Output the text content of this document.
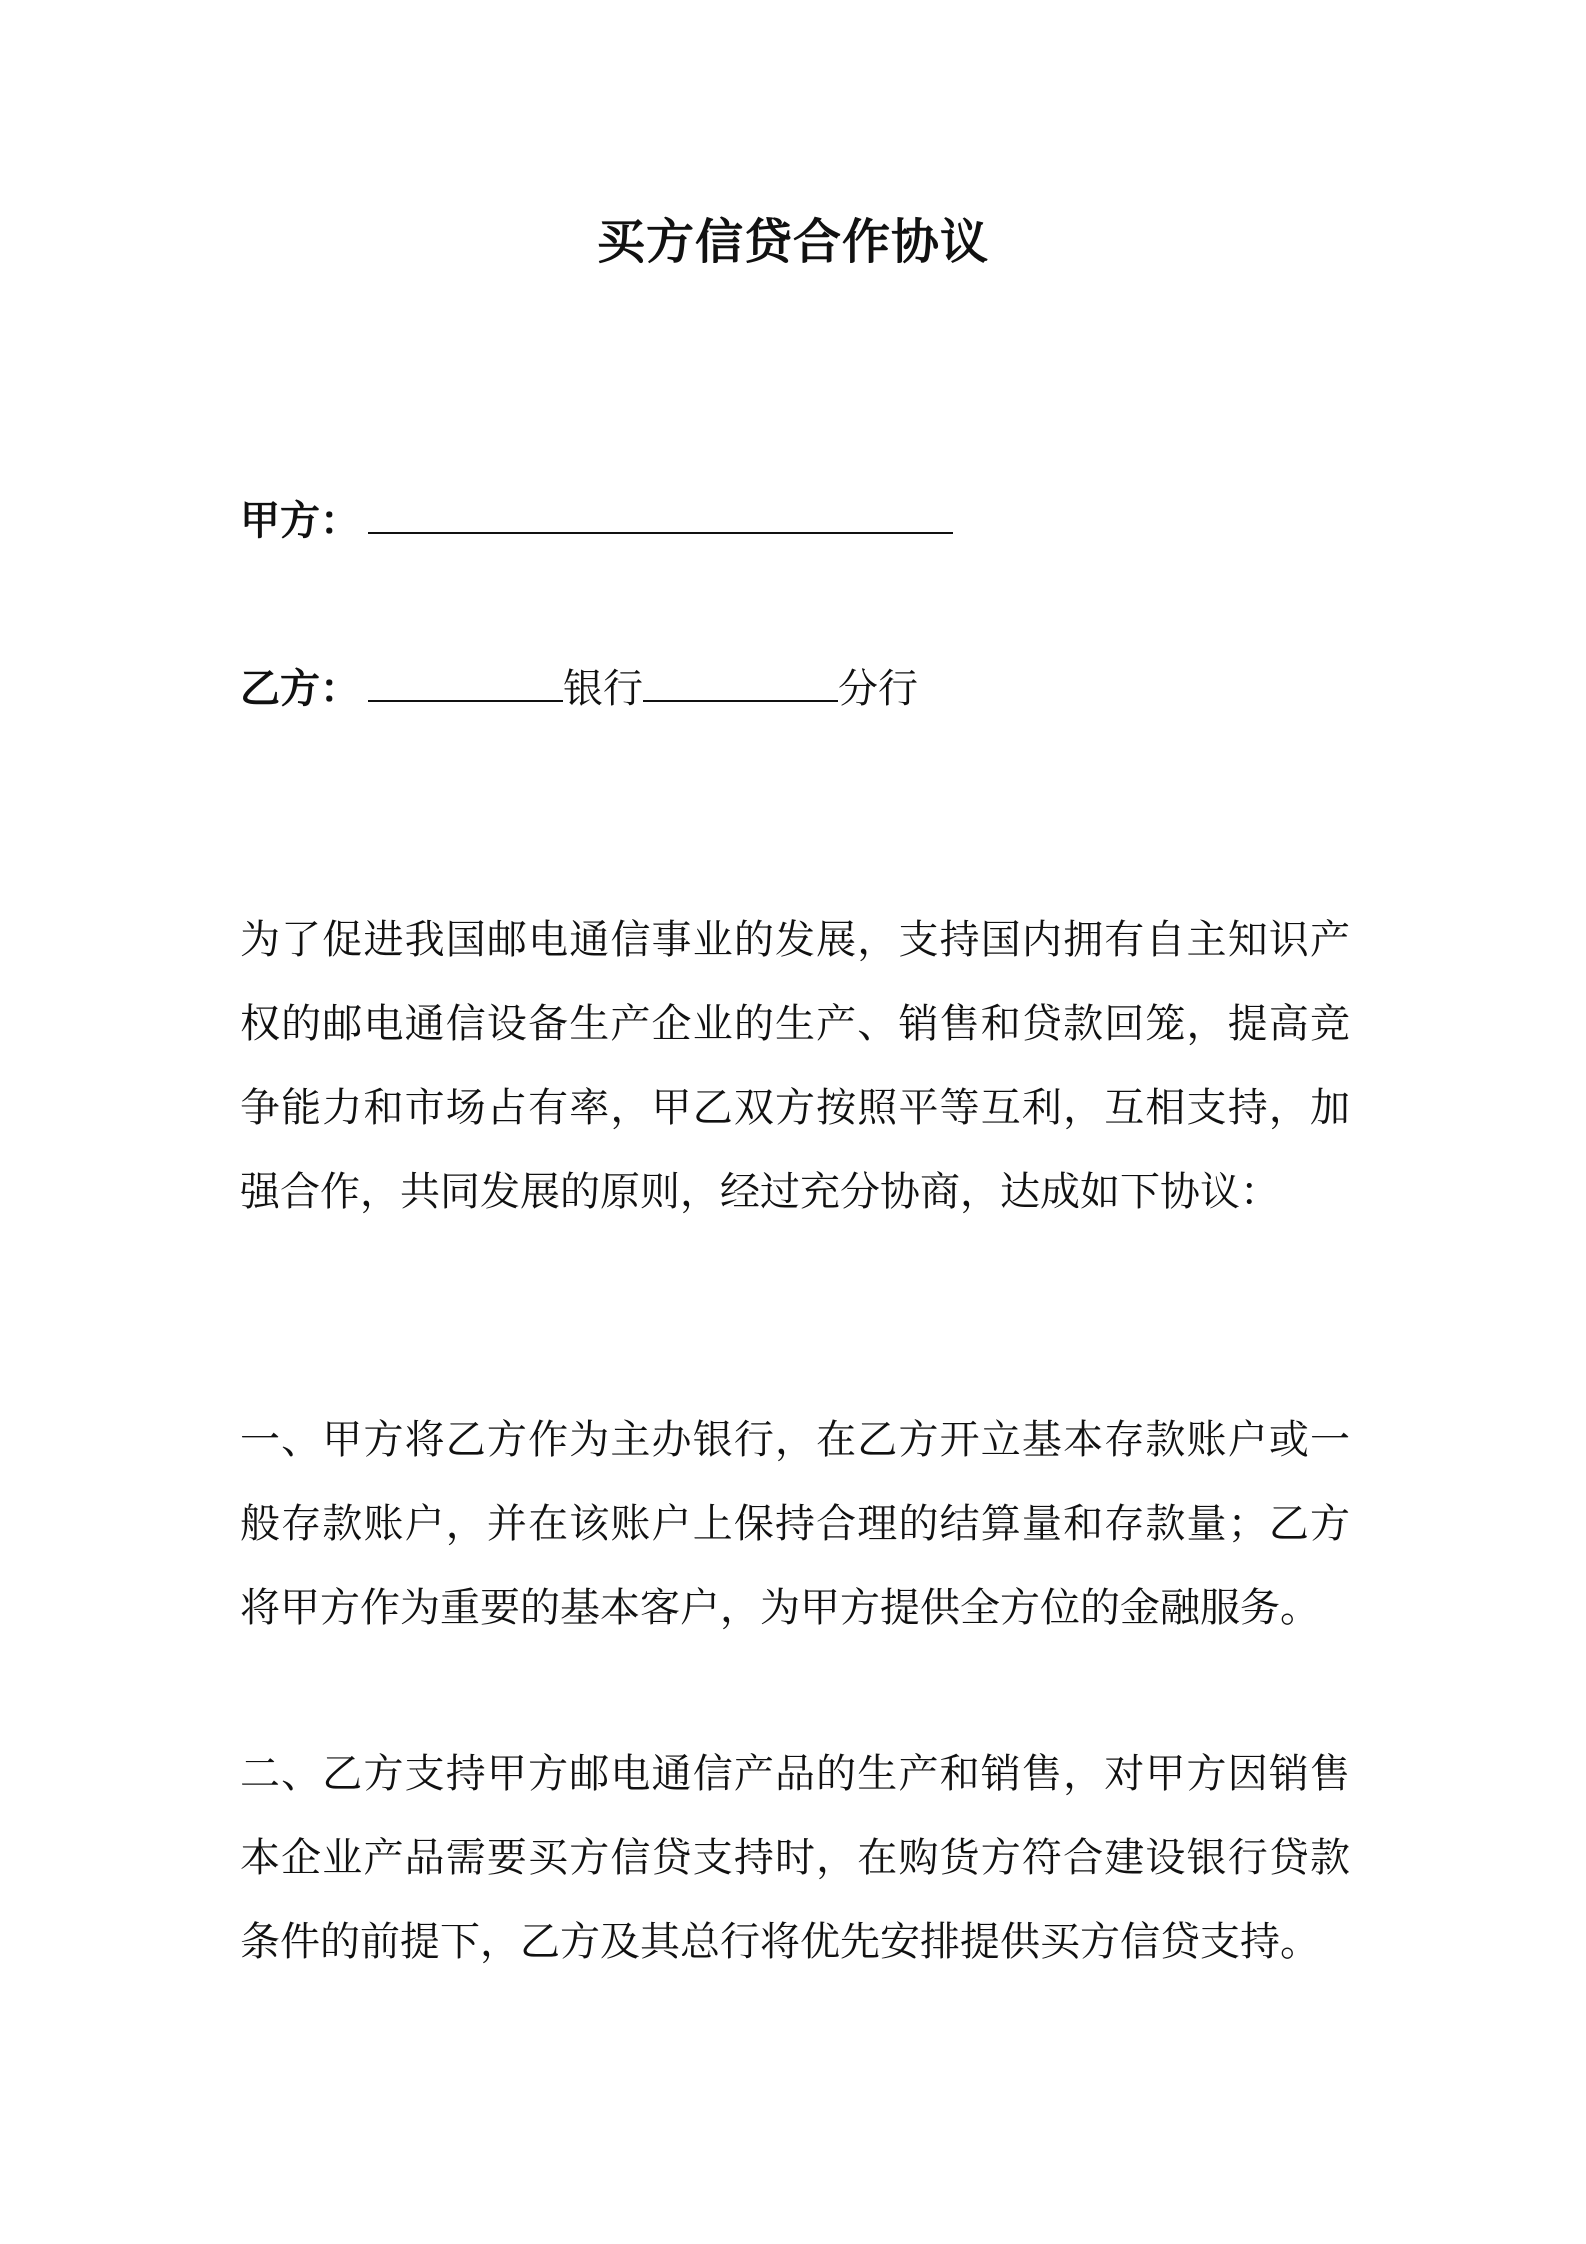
买方信贷合作协议
甲方：
乙方：	银行	分行

为了促进我国邮电通信事业的发展，支持国内拥有自主知识产权的邮电通信设备生产企业的生产、销售和贷款回笼，提高竞争能力和市场占有率，甲乙双方按照平等互利，互相支持，加强合作，共同发展的原则，经过充分协商，达成如下协议：

一、甲方将乙方作为主办银行，在乙方开立基本存款账户或一般存款账户，并在该账户上保持合理的结算量和存款量；乙方将甲方作为重要的基本客户，为甲方提供全方位的金融服务。

二、乙方支持甲方邮电通信产品的生产和销售，对甲方因销售本企业产品需要买方信贷支持时，在购货方符合建设银行贷款条件的前提下，乙方及其总行将优先安排提供买方信贷支持。
